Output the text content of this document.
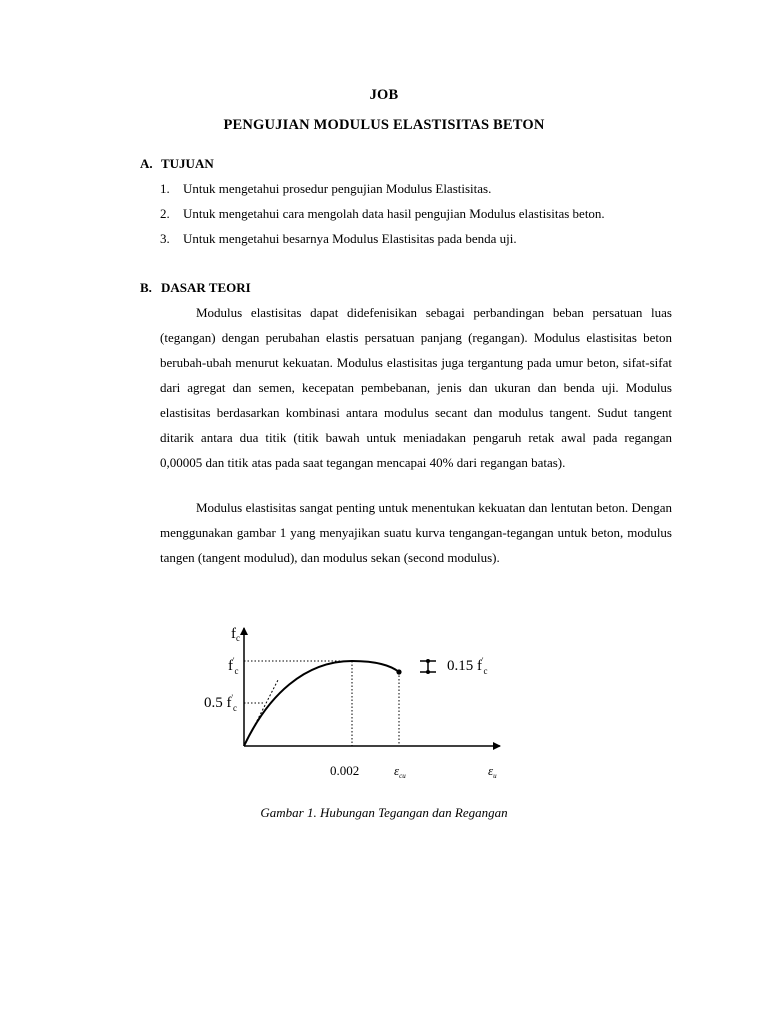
JOB
PENGUJIAN MODULUS ELASTISITAS BETON
A. TUJUAN
1. Untuk mengetahui prosedur pengujian Modulus Elastisitas.
2. Untuk mengetahui cara mengolah data hasil pengujian Modulus elastisitas beton.
3. Untuk mengetahui besarnya Modulus Elastisitas pada benda uji.
B. DASAR TEORI

Modulus elastisitas dapat didefenisikan sebagai perbandingan beban persatuan luas (tegangan) dengan perubahan elastis persatuan panjang (regangan). Modulus elastisitas beton berubah-ubah menurut kekuatan. Modulus elastisitas juga tergantung pada umur beton, sifat-sifat dari agregat dan semen, kecepatan pembebanan, jenis dan ukuran dan benda uji. Modulus elastisitas berdasarkan kombinasi antara modulus secant dan modulus tangent. Sudut tangent ditarik antara dua titik (titik bawah untuk meniadakan pengaruh retak awal pada regangan 0,00005 dan titik atas pada saat tegangan mencapai 40% dari regangan batas).

Modulus elastisitas sangat penting untuk menentukan kekuatan dan lentutan beton. Dengan menggunakan gambar 1 yang menyajikan suatu kurva tengangan-tegangan untuk beton, modulus tangen (tangent modulud), dan modulus sekan (second modulus).

$f_c$
$f'_c$
0.5 $f'_c$
0.15 $f'_c$
0.002	$\varepsilon_{cu}$	$\varepsilon_u$
Gambar 1. Hubungan Tegangan dan Regangan
